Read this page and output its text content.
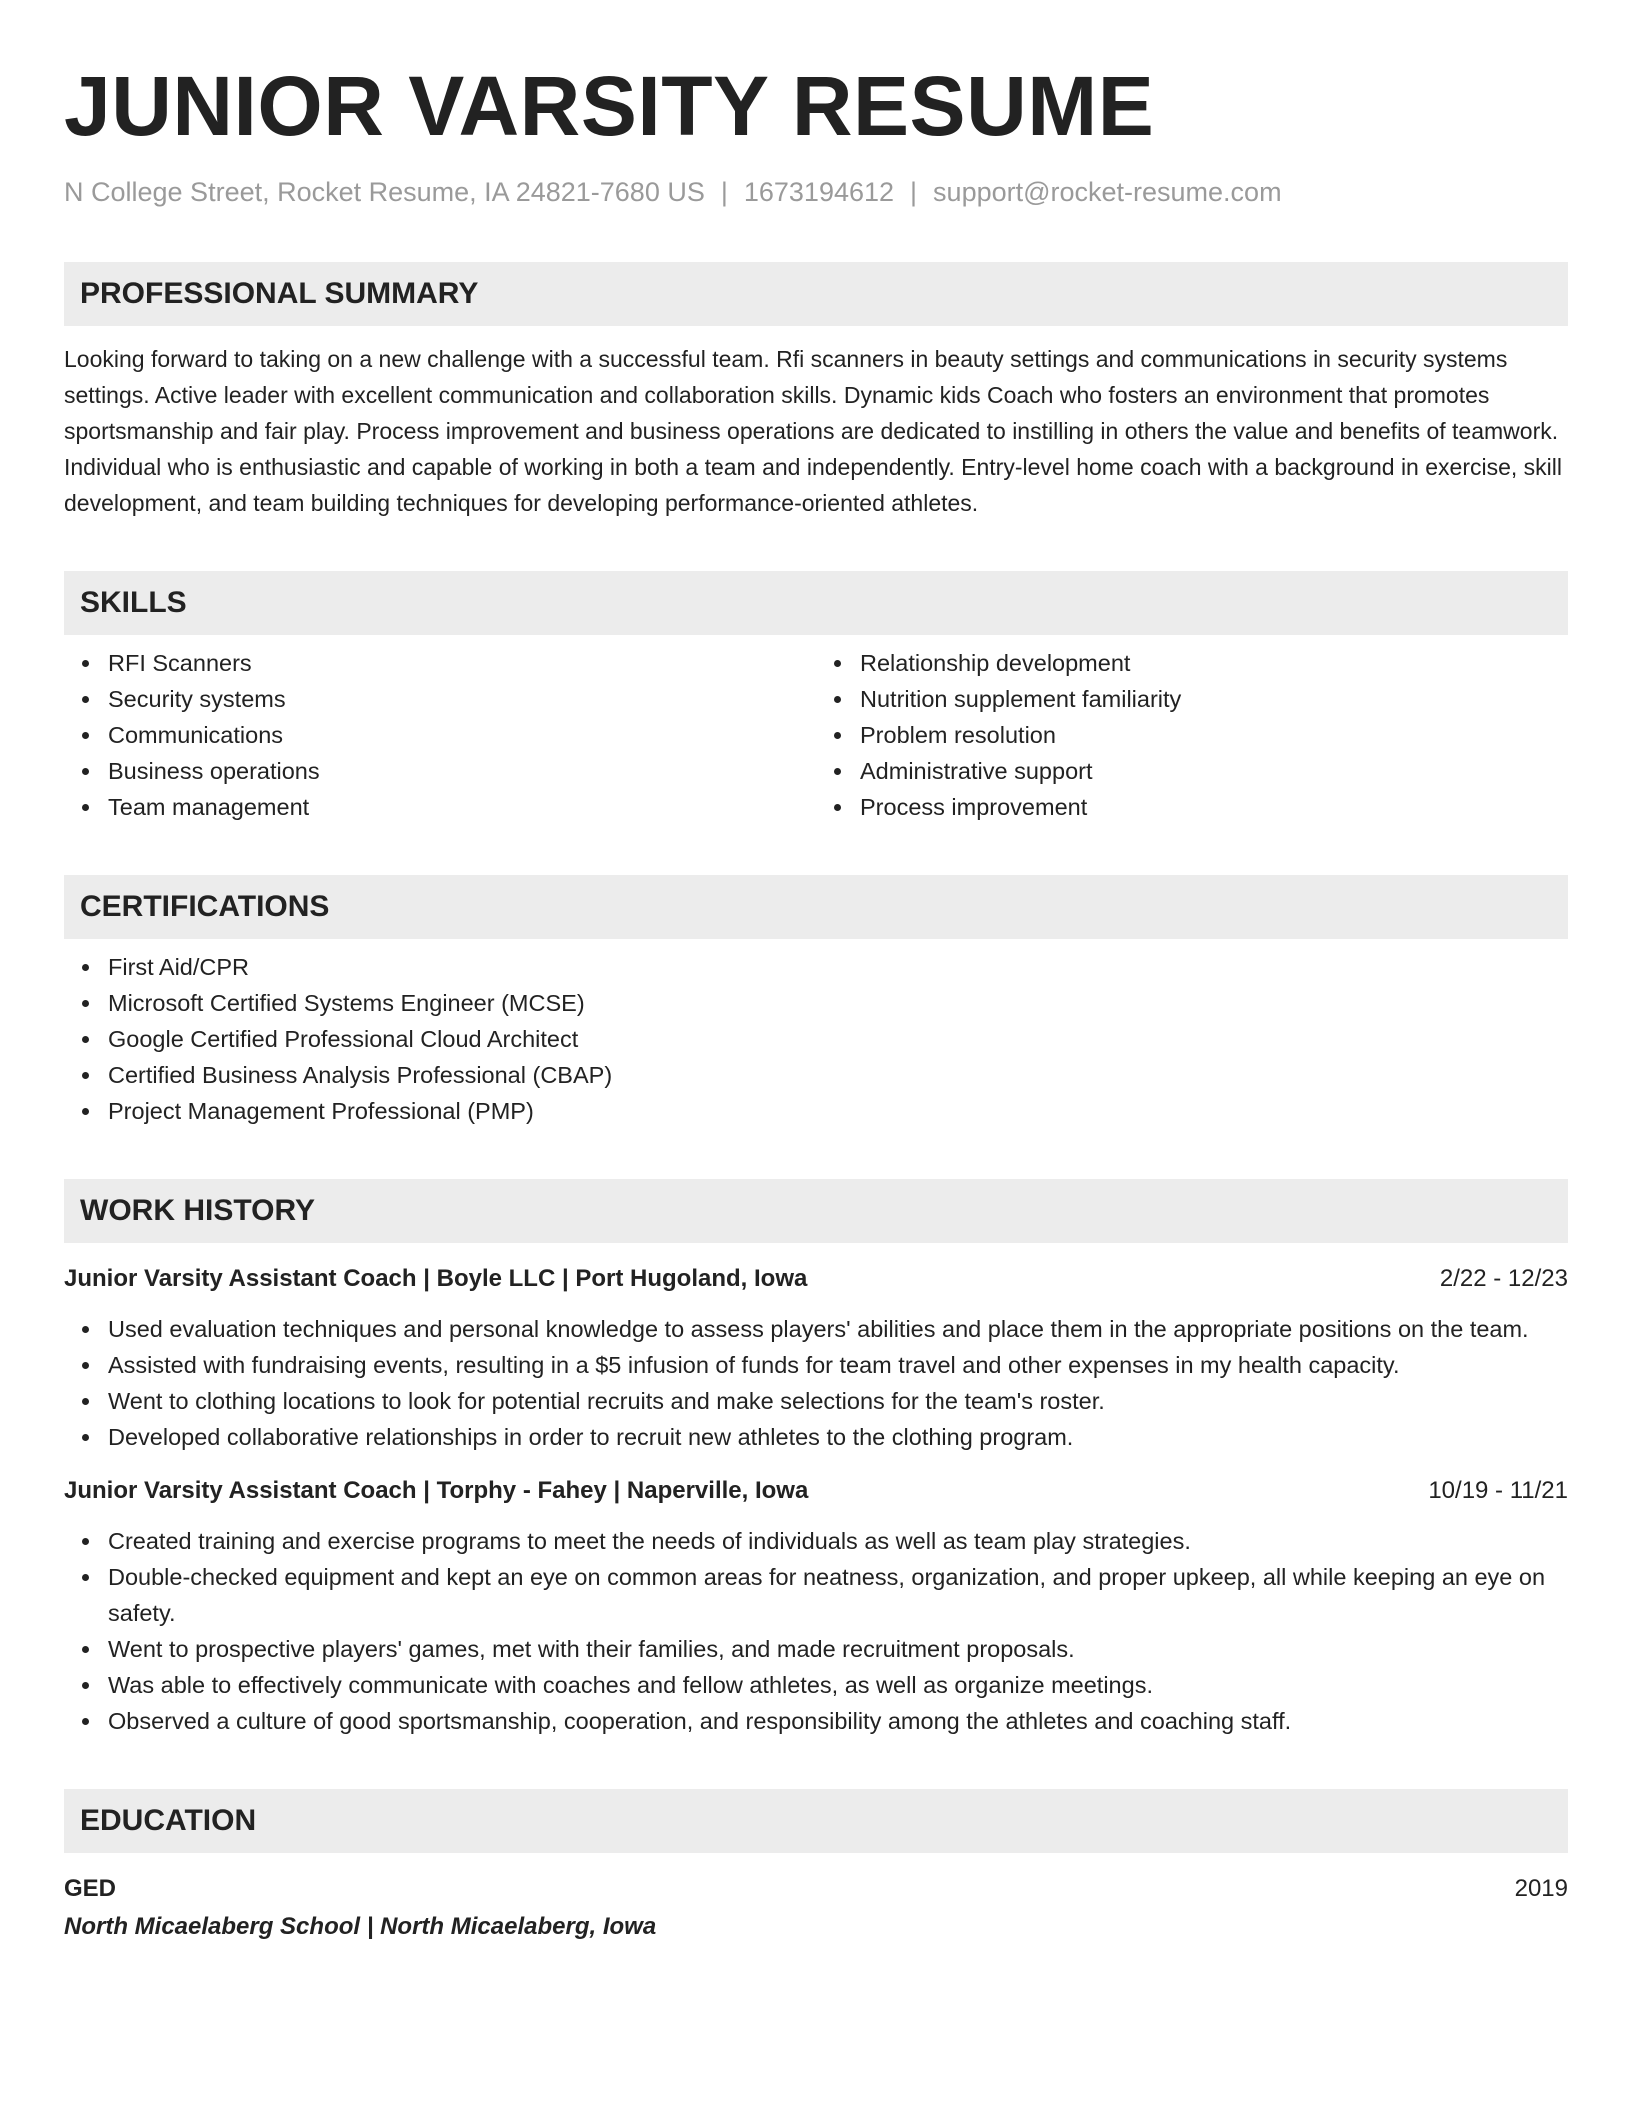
JUNIOR VARSITY RESUME
N College Street, Rocket Resume, IA 24821-7680 US | 1673194612 | support@rocket-resume.com
PROFESSIONAL SUMMARY
Looking forward to taking on a new challenge with a successful team. Rfi scanners in beauty settings and communications in security systems settings. Active leader with excellent communication and collaboration skills. Dynamic kids Coach who fosters an environment that promotes sportsmanship and fair play. Process improvement and business operations are dedicated to instilling in others the value and benefits of teamwork. Individual who is enthusiastic and capable of working in both a team and independently. Entry-level home coach with a background in exercise, skill development, and team building techniques for developing performance-oriented athletes.
SKILLS
RFI Scanners
Security systems
Communications
Business operations
Team management
Relationship development
Nutrition supplement familiarity
Problem resolution
Administrative support
Process improvement
CERTIFICATIONS
First Aid/CPR
Microsoft Certified Systems Engineer (MCSE)
Google Certified Professional Cloud Architect
Certified Business Analysis Professional (CBAP)
Project Management Professional (PMP)
WORK HISTORY
Junior Varsity Assistant Coach | Boyle LLC | Port Hugoland, Iowa	2/22 - 12/23
Used evaluation techniques and personal knowledge to assess players' abilities and place them in the appropriate positions on the team.
Assisted with fundraising events, resulting in a $5 infusion of funds for team travel and other expenses in my health capacity.
Went to clothing locations to look for potential recruits and make selections for the team's roster.
Developed collaborative relationships in order to recruit new athletes to the clothing program.
Junior Varsity Assistant Coach | Torphy - Fahey | Naperville, Iowa	10/19 - 11/21
Created training and exercise programs to meet the needs of individuals as well as team play strategies.
Double-checked equipment and kept an eye on common areas for neatness, organization, and proper upkeep, all while keeping an eye on safety.
Went to prospective players' games, met with their families, and made recruitment proposals.
Was able to effectively communicate with coaches and fellow athletes, as well as organize meetings.
Observed a culture of good sportsmanship, cooperation, and responsibility among the athletes and coaching staff.
EDUCATION
GED	2019
North Micaelaberg School | North Micaelaberg, Iowa
